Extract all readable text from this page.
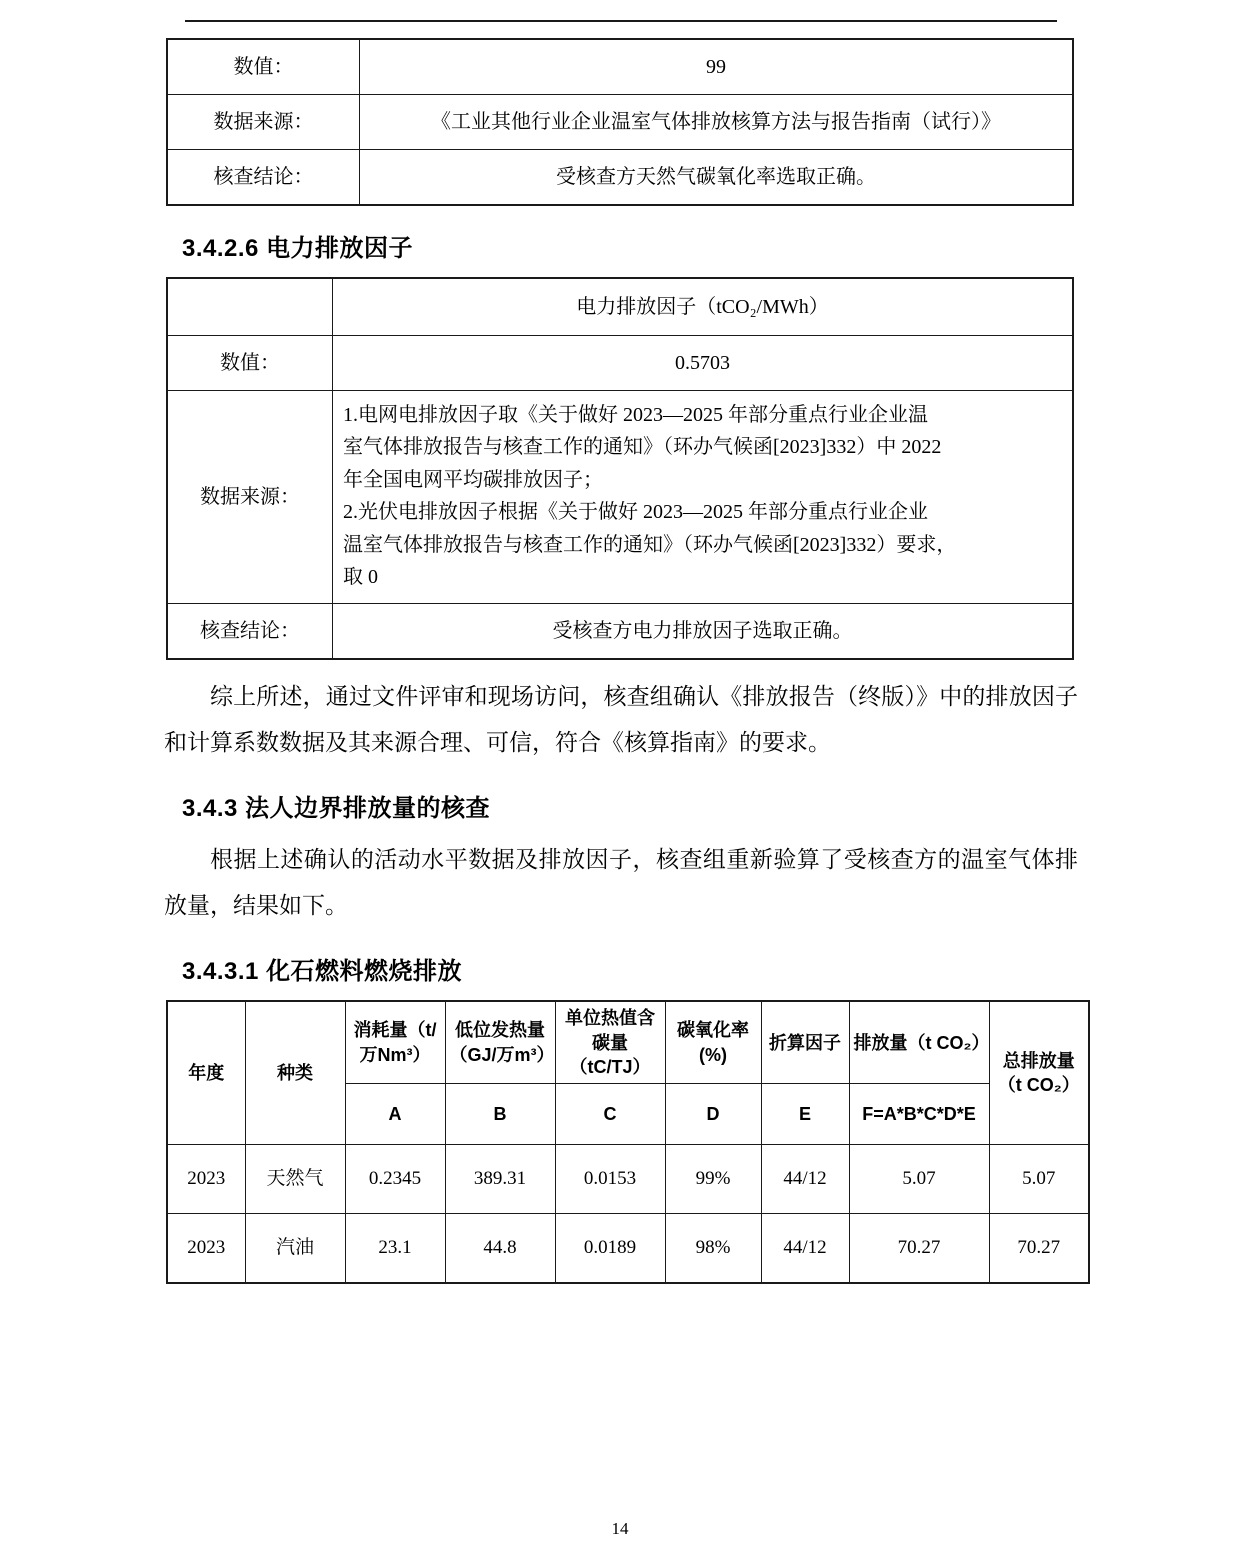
数值：	99
数据来源：	《工业其他行业企业温室气体排放核算方法与报告指南（试行）》
核查结论：	受核查方天然气碳氧化率选取正确。
3.4.2.6 电力排放因子
	电力排放因子（tCO₂/MWh）
数值：	0.5703
数据来源：	
1.电网电排放因子取《关于做好 2023—2025 年部分重点行业企业温
室气体排放报告与核查工作的通知》（环办气候函[2023]332）中 2022
年全国电网平均碳排放因子；
2.光伏电排放因子根据《关于做好 2023—2025 年部分重点行业企业
温室气体排放报告与核查工作的通知》（环办气候函[2023]332）要求，
取 0

核查结论：	受核查方电力排放因子选取正确。

综上所述，通过文件评审和现场访问，核查组确认《排放报告（终版）》中的排放因子和计算系数数据及其来源合理、可信，符合《核算指南》的要求。

3.4.3 法人边界排放量的核查

根据上述确认的活动水平数据及排放因子，核查组重新验算了受核查方的温室气体排放量，结果如下。

3.4.3.1 化石燃料燃烧排放
年度	种类	消耗量（t/万Nm³）	低位发热量（GJ/万m³）	单位热值含碳量（tC/TJ）	碳氧化率(%)	折算因子	排放量（t CO₂）	总排放量（t CO₂）
		A	B	C	D	E	F=A*B*C*D*E	
2023	天然气	0.2345	389.31	0.0153	99%	44/12	5.07	5.07
2023	汽油	23.1	44.8	0.0189	98%	44/12	70.27	70.27
14
